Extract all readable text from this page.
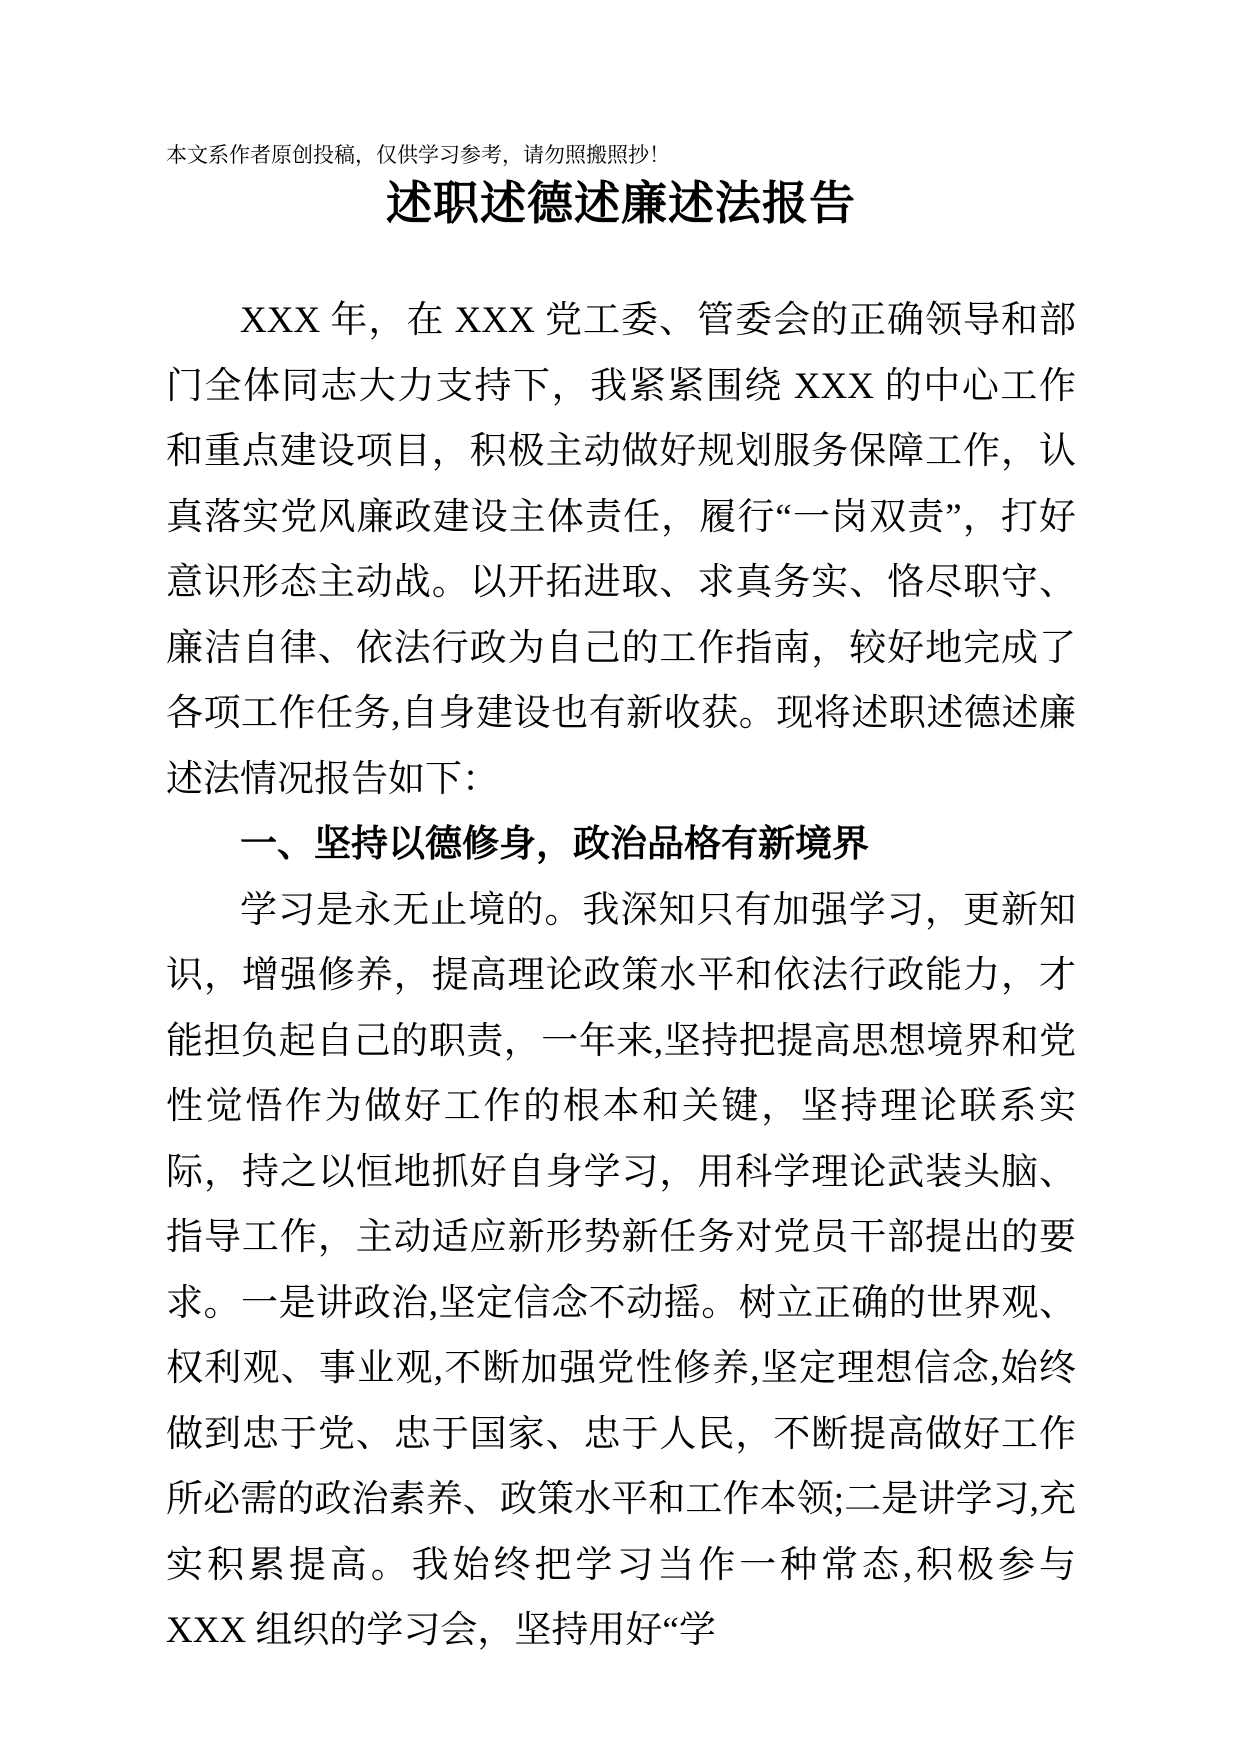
本文系作者原创投稿，仅供学习参考，请勿照搬照抄！

述职述德述廉述法报告

XXX 年，在 XXX 党工委、管委会的正确领导和部门全体同志大力支持下，我紧紧围绕 XXX 的中心工作和重点建设项目，积极主动做好规划服务保障工作，认真落实党风廉政建设主体责任，履行“一岗双责”，打好意识形态主动战。以开拓进取、求真务实、恪尽职守、廉洁自律、依法行政为自己的工作指南，较好地完成了各项工作任务,自身建设也有新收获。现将述职述德述廉述法情况报告如下：

一、坚持以德修身，政治品格有新境界

学习是永无止境的。我深知只有加强学习，更新知识，增强修养，提高理论政策水平和依法行政能力，才能担负起自己的职责，一年来,坚持把提高思想境界和党性觉悟作为做好工作的根本和关键，坚持理论联系实际，持之以恒地抓好自身学习，用科学理论武装头脑、指导工作，主动适应新形势新任务对党员干部提出的要求。一是讲政治,坚定信念不动摇。树立正确的世界观、权利观、事业观,不断加强党性修养,坚定理想信念,始终做到忠于党、忠于国家、忠于人民，不断提高做好工作所必需的政治素养、政策水平和工作本领;二是讲学习,充实积累提高。我始终把学习当作一种常态,积极参与 XXX 组织的学习会，坚持用好“学
